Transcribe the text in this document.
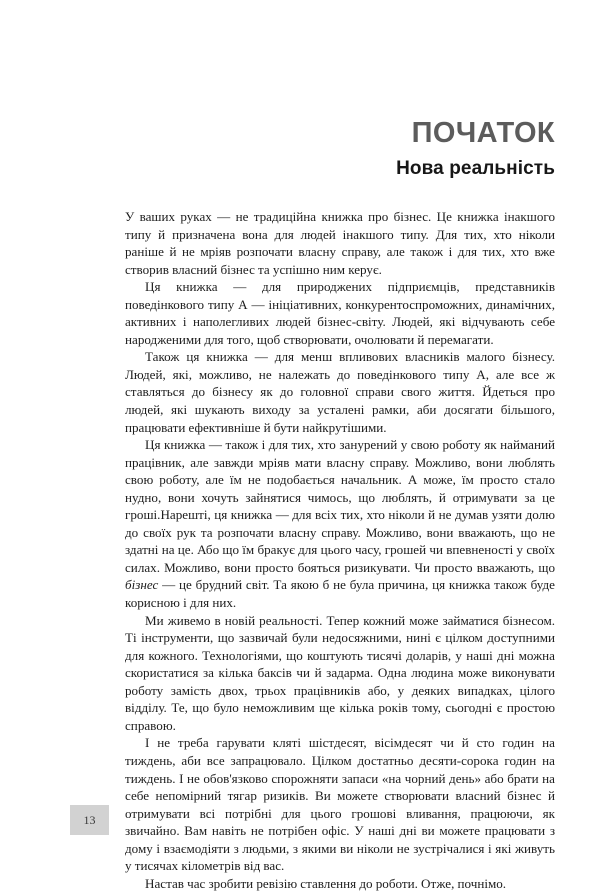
ПОЧАТОК
Нова реальність

У ваших руках — не традиційна книжка про бізнес. Це книжка інакшого типу й призначена вона для людей інакшого типу. Для тих, хто ніколи раніше й не мріяв розпочати власну справу, але також і для тих, хто вже створив власний бізнес та успішно ним керує.

Ця книжка — для природжених підприємців, представників поведінкового типу А — ініціативних, конкурентоспроможних, динамічних, активних і наполегливих людей бізнес-світу. Людей, які відчувають себе народженими для того, щоб створювати, очолювати й перемагати.

Також ця книжка — для менш впливових власників малого бізнесу. Людей, які, можливо, не належать до поведінкового типу А, але все ж ставляться до бізнесу як до головної справи свого життя. Йдеться про людей, які шукають виходу за усталені рамки, аби досягати більшого, працювати ефективніше й бути найкрутішими.

Ця книжка — також і для тих, хто занурений у свою роботу як найманий працівник, але завжди мріяв мати власну справу. Можливо, вони люблять свою роботу, але їм не подобається начальник. А може, їм просто стало нудно, вони хочуть зайнятися чимось, що люблять, й отримувати за це гроші.Нарешті, ця книжка — для всіх тих, хто ніколи й не думав узяти долю до своїх рук та розпочати власну справу. Можливо, вони вважають, що не здатні на це. Або що їм бракує для цього часу, грошей чи впевненості у своїх силах. Можливо, вони просто бояться ризикувати. Чи просто вважають, що бізнес — це брудний світ. Та якою б не була причина, ця книжка також буде корисною і для них.

Ми живемо в новій реальності. Тепер кожний може займатися бізнесом. Ті інструменти, що зазвичай були недосяжними, нині є цілком доступними для кожного. Технологіями, що коштують тисячі доларів, у наші дні можна скористатися за кілька баксів чи й задарма. Одна людина може виконувати роботу замість двох, трьох працівників або, у деяких випадках, цілого відділу. Те, що було неможливим ще кілька років тому, сьогодні є простою справою.

І не треба гарувати кляті шістдесят, вісімдесят чи й сто годин на тиждень, аби все запрацювало. Цілком достатньо десяти-сорока годин на тиждень. І не обов'язково спорожняти запаси «на чорний день» або брати на себе непомірний тягар ризиків. Ви можете створювати власний бізнес й отримувати всі потрібні для цього грошові вливання, працюючи, як звичайно. Вам навіть не потрібен офіс. У наші дні ви можете працювати з дому і взаємодіяти з людьми, з якими ви ніколи не зустрічалися і які живуть у тисячах кілометрів від вас.

Настав час зробити ревізію ставлення до роботи. Отже, почнімо.

13
